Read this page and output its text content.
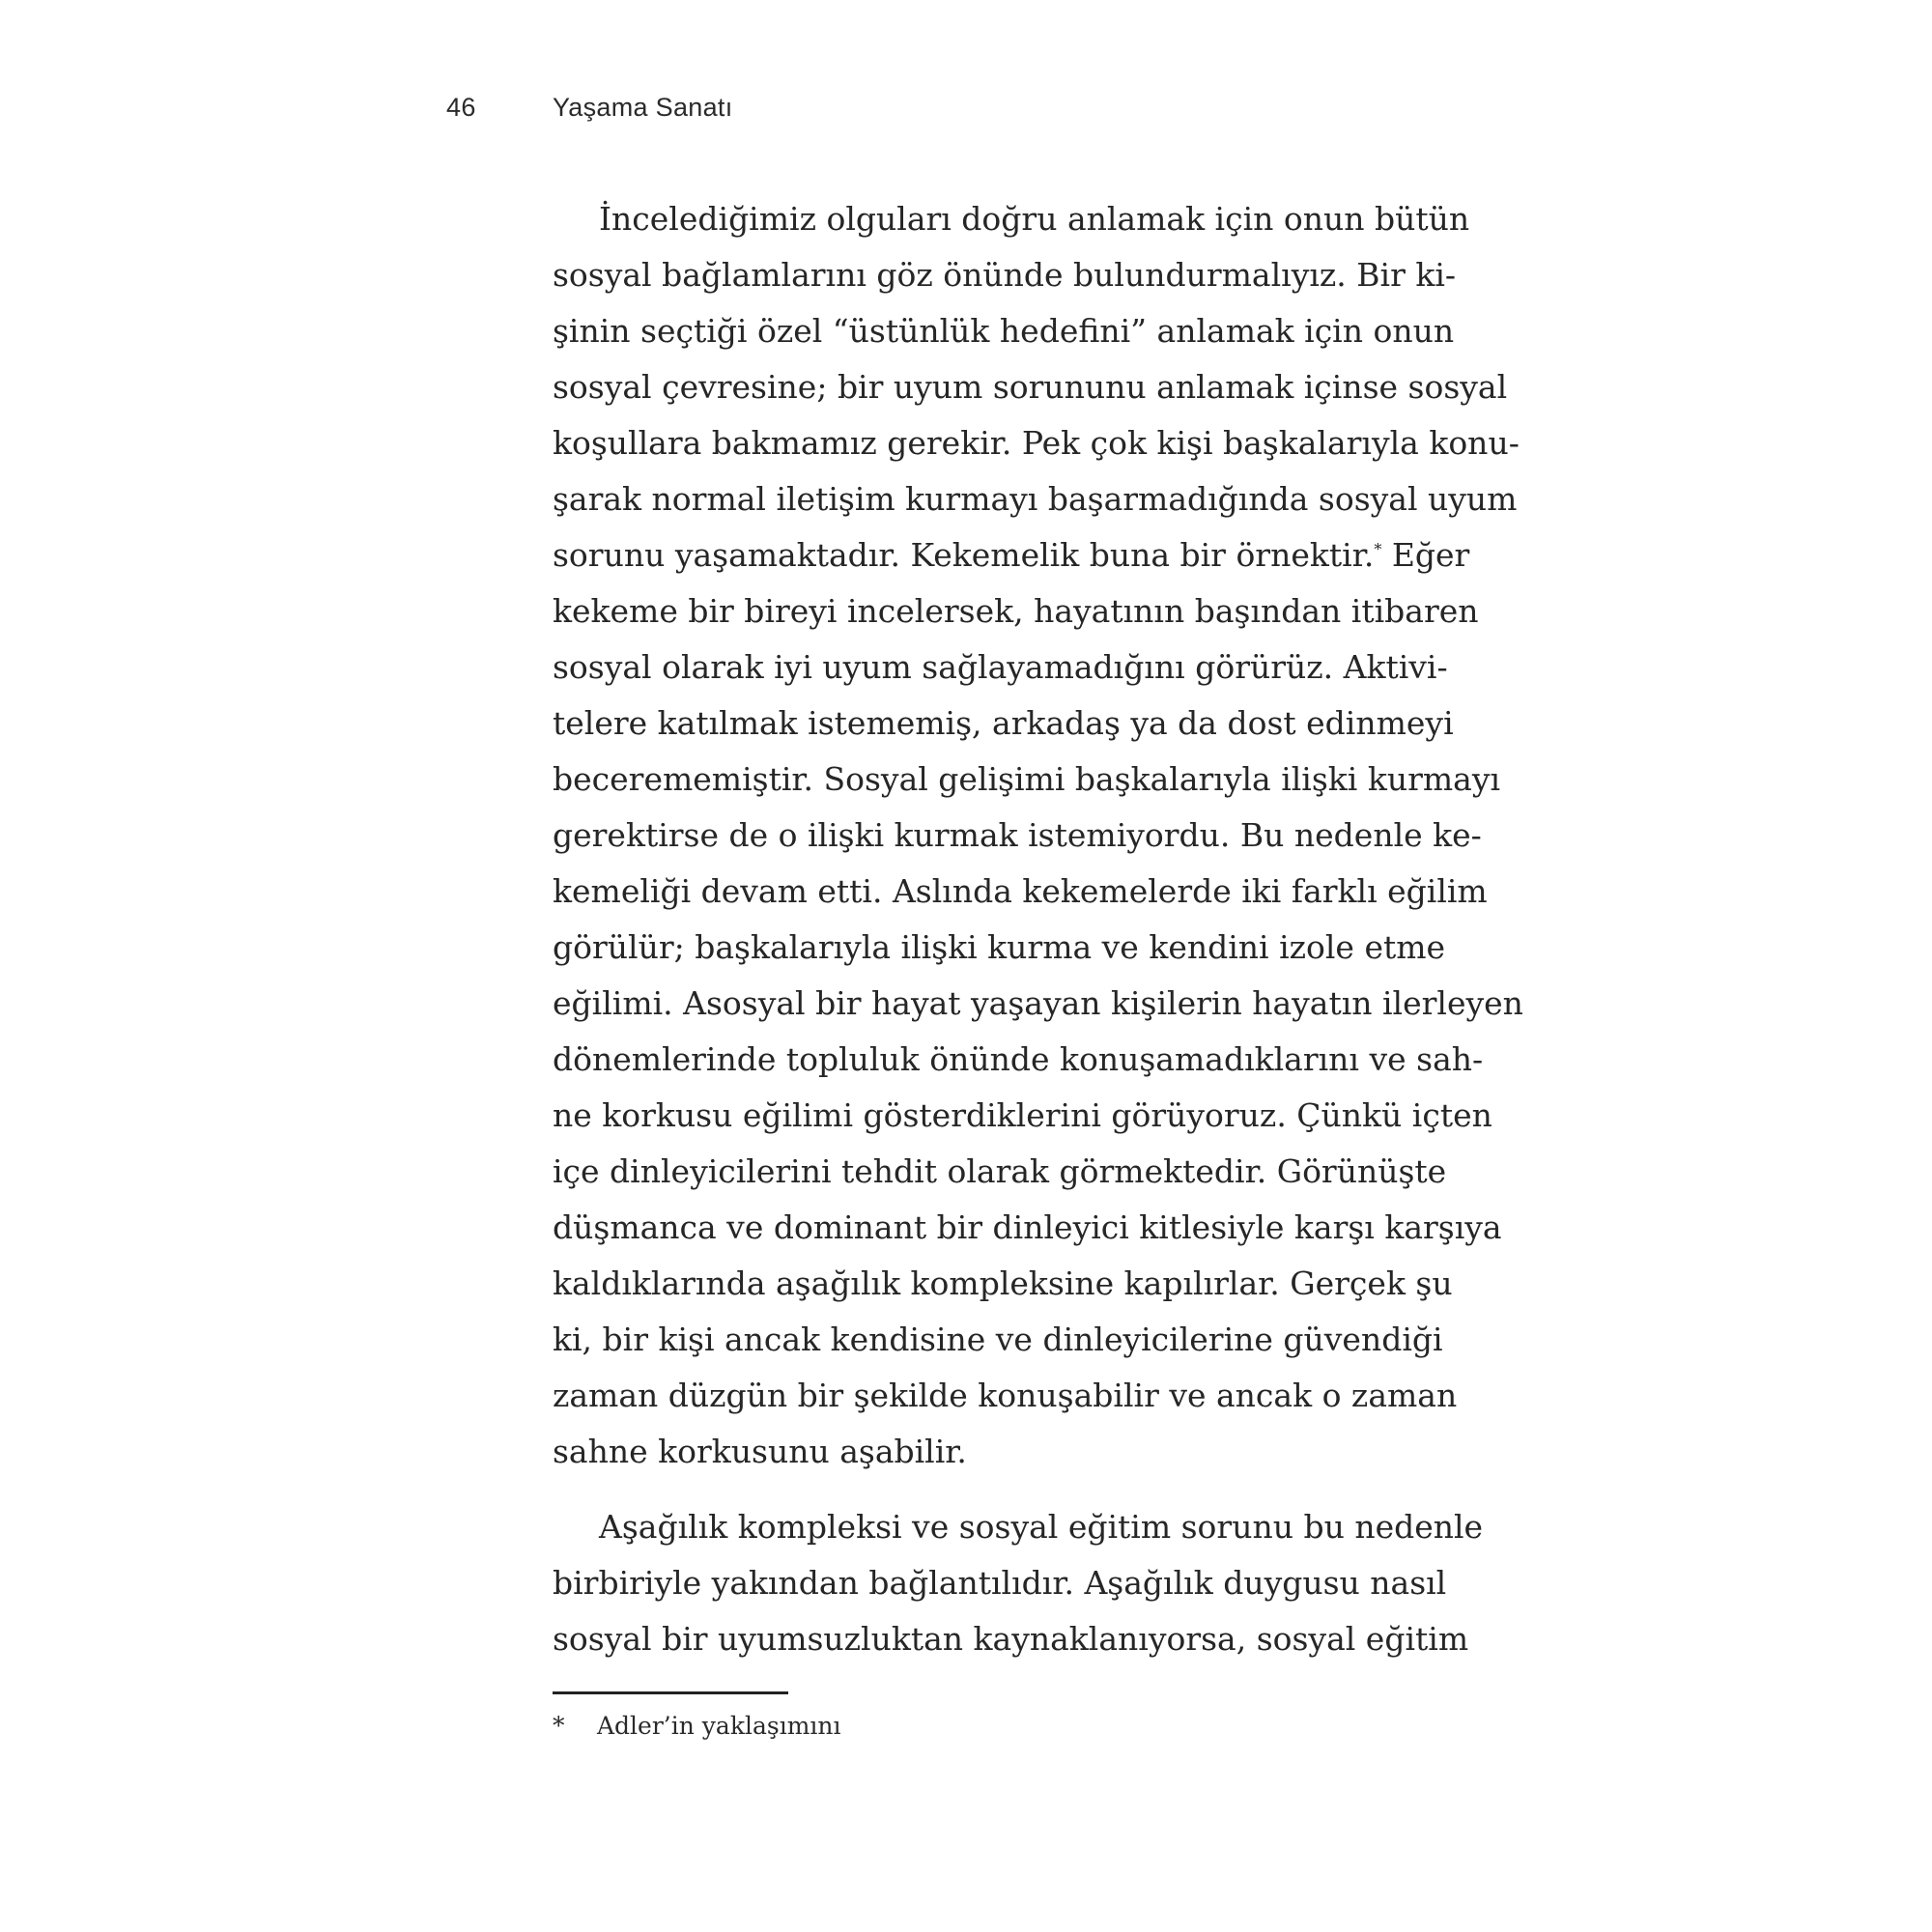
46	Yaşama Sanatı
İncelediğimiz olguları doğru anlamak için onun bütün
sosyal bağlamlarını göz önünde bulundurmalıyız. Bir ki-
şinin seçtiği özel “üstünlük hedefini” anlamak için onun
sosyal çevresine; bir uyum sorununu anlamak içinse sosyal
koşullara bakmamız gerekir. Pek çok kişi başkalarıyla konu-
şarak normal iletişim kurmayı başarmadığında sosyal uyum
sorunu yaşamaktadır. Kekemelik buna bir örnektir.* Eğer
kekeme bir bireyi incelersek, hayatının başından itibaren
sosyal olarak iyi uyum sağlayamadığını görürüz. Aktivi-
telere katılmak istememiş, arkadaş ya da dost edinmeyi
becerememiştir. Sosyal gelişimi başkalarıyla ilişki kurmayı
gerektirse de o ilişki kurmak istemiyordu. Bu nedenle ke-
kemeliği devam etti. Aslında kekemelerde iki farklı eğilim
görülür; başkalarıyla ilişki kurma ve kendini izole etme
eğilimi. Asosyal bir hayat yaşayan kişilerin hayatın ilerleyen
dönemlerinde topluluk önünde konuşamadıklarını ve sah-
ne korkusu eğilimi gösterdiklerini görüyoruz. Çünkü içten
içe dinleyicilerini tehdit olarak görmektedir. Görünüşte
düşmanca ve dominant bir dinleyici kitlesiyle karşı karşıya
kaldıklarında aşağılık kompleksine kapılırlar. Gerçek şu
ki, bir kişi ancak kendisine ve dinleyicilerine güvendiği
zaman düzgün bir şekilde konuşabilir ve ancak o zaman
sahne korkusunu aşabilir.
Aşağılık kompleksi ve sosyal eğitim sorunu bu nedenle
birbiriyle yakından bağlantılıdır. Aşağılık duygusu nasıl
sosyal bir uyumsuzluktan kaynaklanıyorsa, sosyal eğitim
* Adler’in yaklaşımını
